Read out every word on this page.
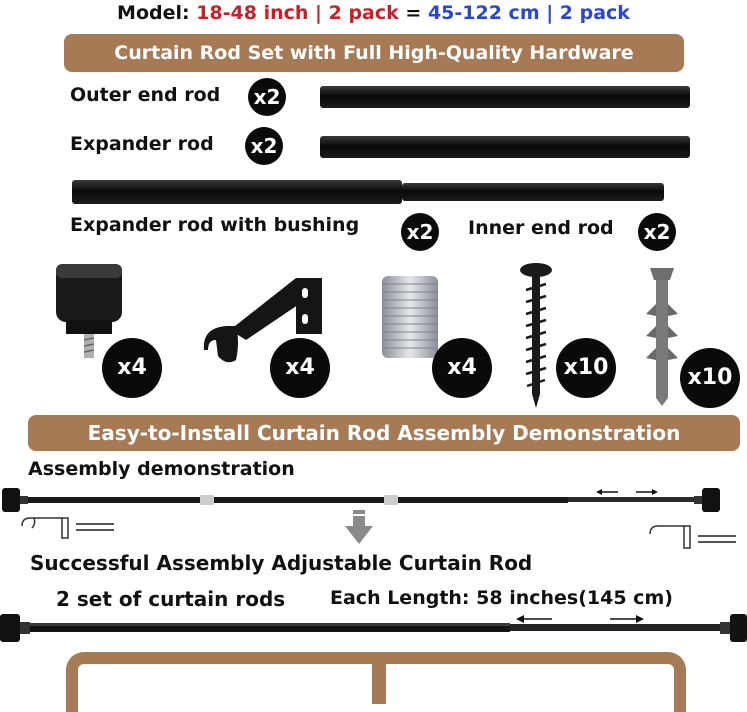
Model: 18-48 inch | 2 pack = 45-122 cm | 2 pack
Curtain Rod Set with Full High-Quality Hardware
Outer end rod x2
Expander rod x2
Expander rod with bushing x2 Inner end rod x2
x4	x4	x4	x10	x10
Easy-to-Install Curtain Rod Assembly Demonstration
Assembly demonstration
Successful Assembly Adjustable Curtain Rod
2 set of curtain rods Each Length: 58 inches(145 cm)
